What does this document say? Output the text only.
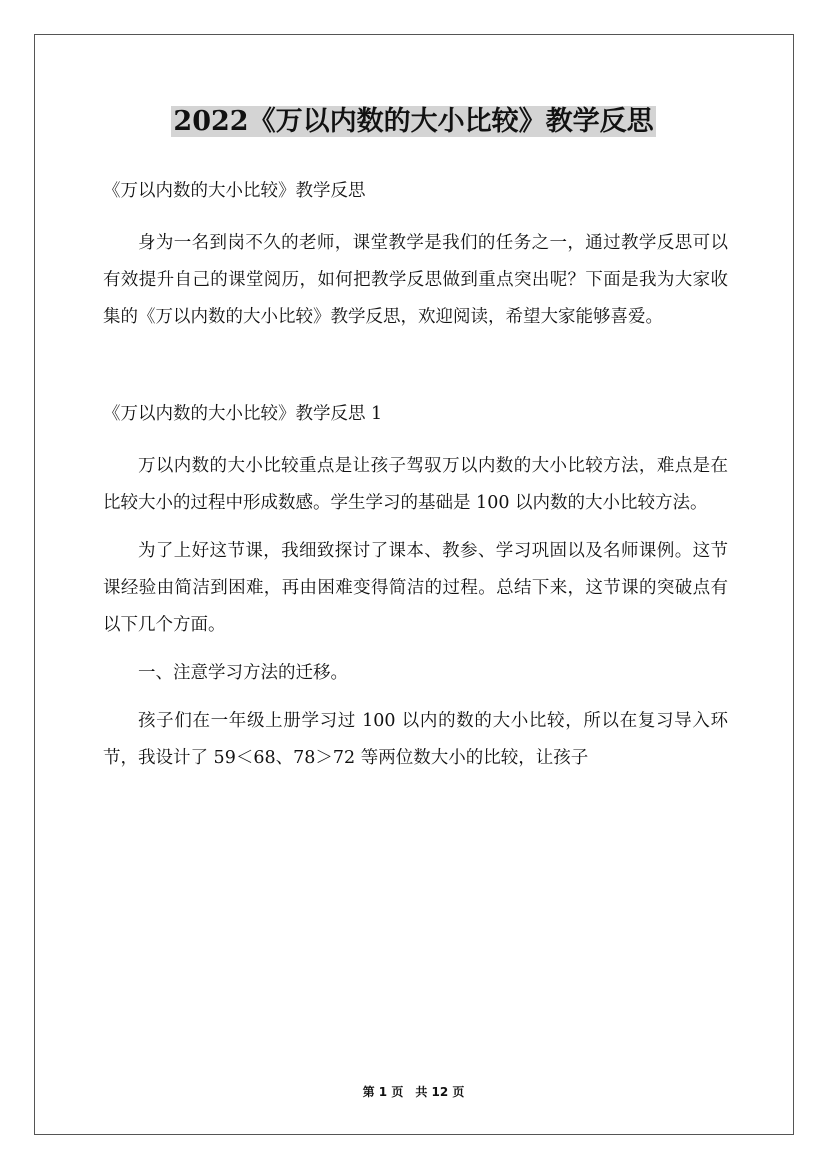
2022《万以内数的大小比较》教学反思

《万以内数的大小比较》教学反思

身为一名到岗不久的老师，课堂教学是我们的任务之一，通过教学反思可以有效提升自己的课堂阅历，如何把教学反思做到重点突出呢？下面是我为大家收集的《万以内数的大小比较》教学反思，欢迎阅读，希望大家能够喜爱。

《万以内数的大小比较》教学反思 1

万以内数的大小比较重点是让孩子驾驭万以内数的大小比较方法，难点是在比较大小的过程中形成数感。学生学习的基础是 100 以内数的大小比较方法。

为了上好这节课，我细致探讨了课本、教参、学习巩固以及名师课例。这节课经验由简洁到困难，再由困难变得简洁的过程。总结下来，这节课的突破点有以下几个方面。

一、注意学习方法的迁移。

孩子们在一年级上册学习过 100 以内的数的大小比较，所以在复习导入环节，我设计了 59＜68、78＞72 等两位数大小的比较，让孩子

第 1 页　共 12 页
